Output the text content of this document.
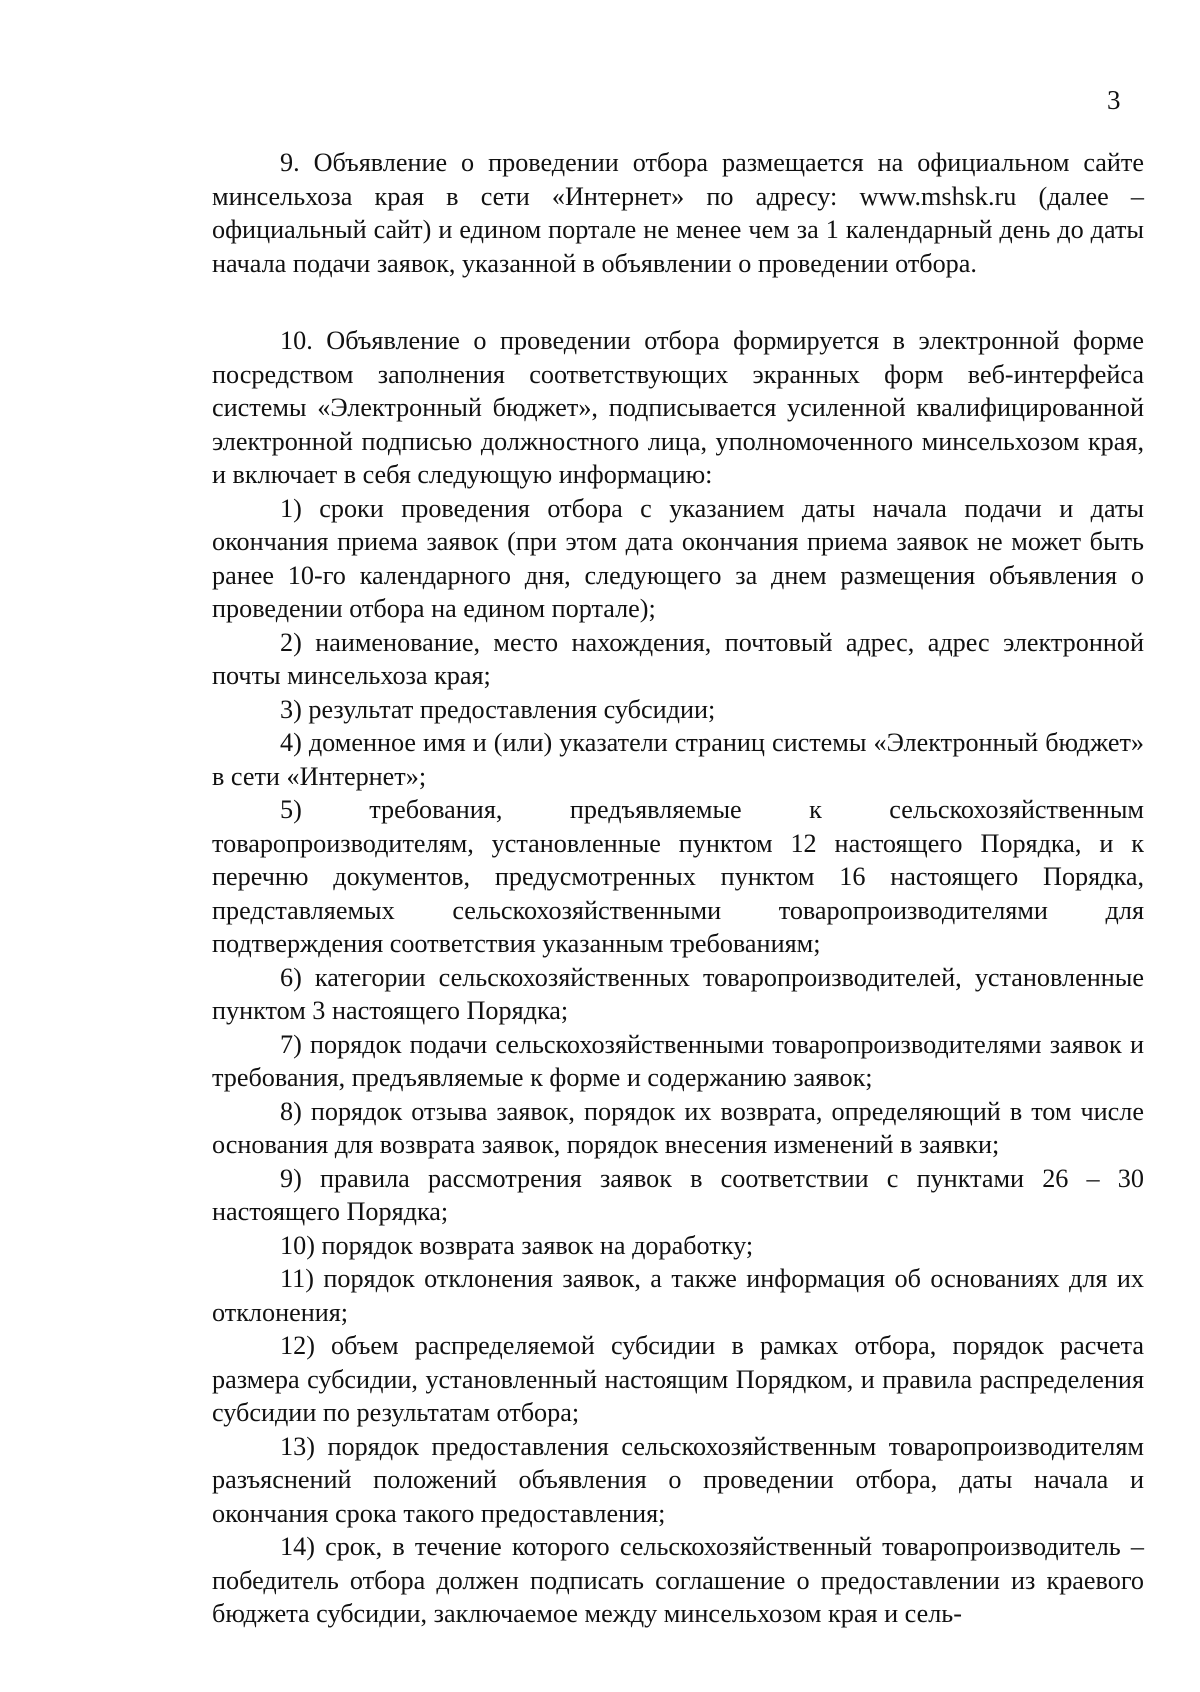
3

9. Объявление о проведении отбора размещается на официальном сайте минсельхоза края в сети «Интернет» по адресу: www.mshsk.ru (далее – официальный сайт) и едином портале не менее чем за 1 календарный день до даты начала подачи заявок, указанной в объявлении о проведении отбора.

10. Объявление о проведении отбора формируется в электронной форме посредством заполнения соответствующих экранных форм веб-интерфейса системы «Электронный бюджет», подписывается усиленной квалифицированной электронной подписью должностного лица, уполномоченного минсельхозом края, и включает в себя следующую информацию:

1) сроки проведения отбора с указанием даты начала подачи и даты окончания приема заявок (при этом дата окончания приема заявок не может быть ранее 10-го календарного дня, следующего за днем размещения объявления о проведении отбора на едином портале);

2) наименование, место нахождения, почтовый адрес, адрес электронной почты минсельхоза края;

3) результат предоставления субсидии;

4) доменное имя и (или) указатели страниц системы «Электронный бюджет» в сети «Интернет»;

5) требования, предъявляемые к сельскохозяйственным товаропроизводителям, установленные пунктом 12 настоящего Порядка, и к перечню документов, предусмотренных пунктом 16 настоящего Порядка, представляемых сельскохозяйственными товаропроизводителями для подтверждения соответствия указанным требованиям;

6) категории сельскохозяйственных товаропроизводителей, установленные пунктом 3 настоящего Порядка;

7) порядок подачи сельскохозяйственными товаропроизводителями заявок и требования, предъявляемые к форме и содержанию заявок;

8) порядок отзыва заявок, порядок их возврата, определяющий в том числе основания для возврата заявок, порядок внесения изменений в заявки;

9) правила рассмотрения заявок в соответствии с пунктами 26 – 30 настоящего Порядка;

10) порядок возврата заявок на доработку;

11) порядок отклонения заявок, а также информация об основаниях для их отклонения;

12) объем распределяемой субсидии в рамках отбора, порядок расчета размера субсидии, установленный настоящим Порядком, и правила распределения субсидии по результатам отбора;

13) порядок предоставления сельскохозяйственным товаропроизводителям разъяснений положений объявления о проведении отбора, даты начала и окончания срока такого предоставления;

14) срок, в течение которого сельскохозяйственный товаропроизводитель – победитель отбора должен подписать соглашение о предоставлении из краевого бюджета субсидии, заключаемое между минсельхозом края и сель-
